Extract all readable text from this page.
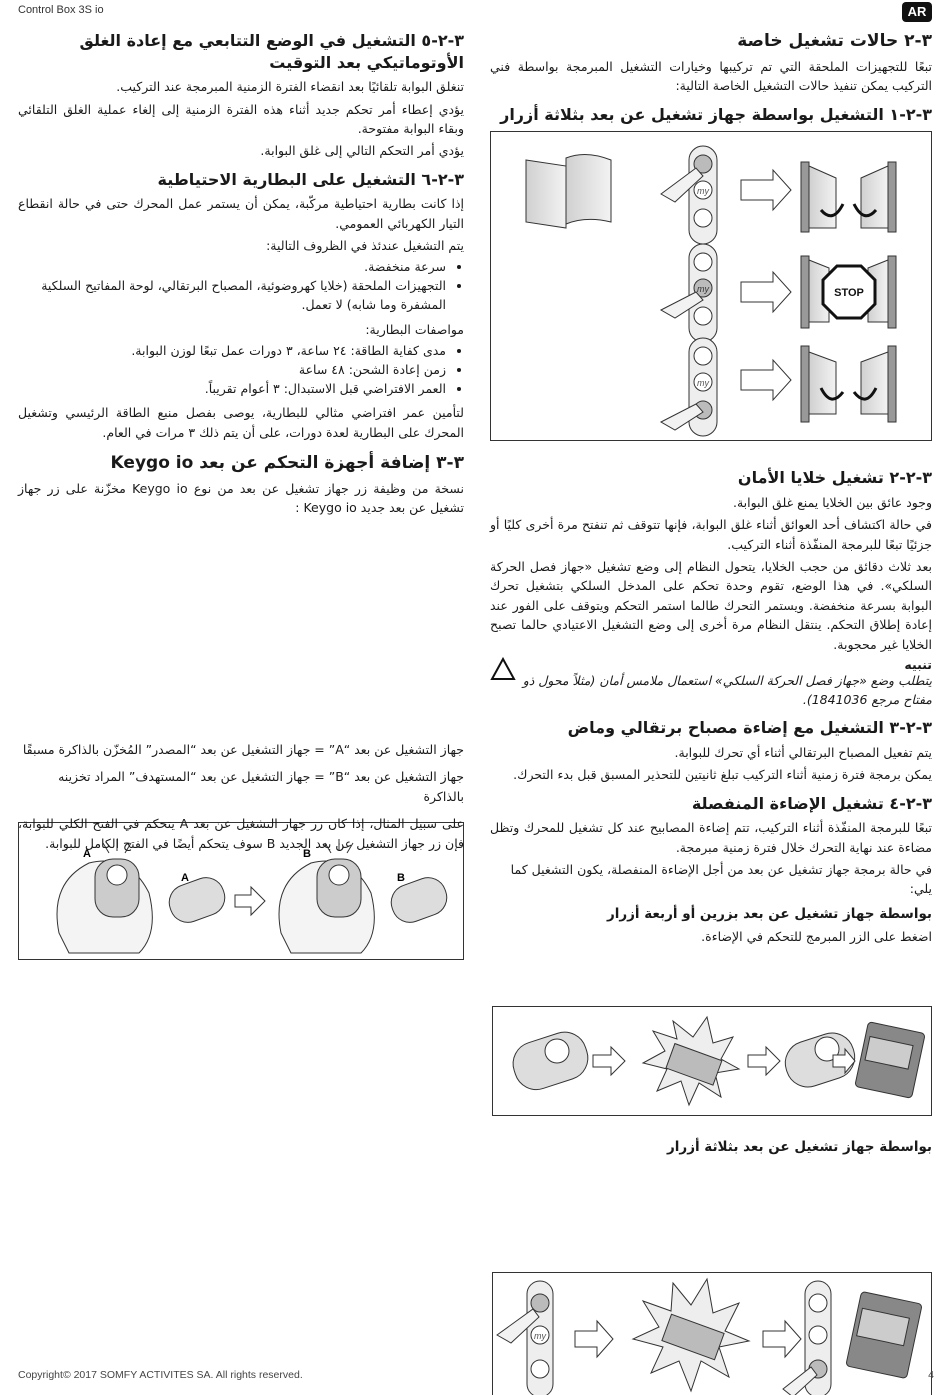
Control Box 3S io	AR
٣-٢ حالات تشغيل خاصة

تبعًا للتجهيزات الملحقة التي تم تركيبها وخيارات التشغيل المبرمجة بواسطة فني التركيب يمكن تنفيذ حالات التشغيل الخاصة التالية:

٣-٢-١ التشغيل بواسطة جهاز تشغيل عن بعد بثلاثة أزرار
my
my	STOP
my
٣-٢-٢ تشغيل خلايا الأمان

وجود عائق بين الخلايا يمنع غلق البوابة.

في حالة اكتشاف أحد العوائق أثناء غلق البوابة، فإنها تتوقف ثم تنفتح مرة أخرى كليًا أو جزئيًا تبعًا للبرمجة المنفّذة أثناء التركيب.

بعد ثلاث دقائق من حجب الخلايا، يتحول النظام إلى وضع تشغيل «جهاز فصل الحركة السلكي». في هذا الوضع، تقوم وحدة تحكم على المدخل السلكي بتشغيل تحرك البوابة بسرعة منخفضة. ويستمر التحرك طالما استمر التحكم ويتوقف على الفور عند إعادة إطلاق التحكم. ينتقل النظام مرة أخرى إلى وضع التشغيل الاعتيادي حالما تصبح الخلايا غير محجوبة.

تنبيه
يتطلب وضع «جهاز فصل الحركة السلكي» استعمال ملامس أمان (مثلاً محول ذو مفتاح مرجع 1841036).
٣-٢-٣ التشغيل مع إضاءة مصباح برتقالي وماض

يتم تفعيل المصباح البرتقالي أثناء أي تحرك للبوابة.

يمكن برمجة فترة زمنية أثناء التركيب تبلغ ثانيتين للتحذير المسبق قبل بدء التحرك.

٣-٢-٤ تشغيل الإضاءة المنفصلة

تبعًا للبرمجة المنفّذة أثناء التركيب، تتم إضاءة المصابيح عند كل تشغيل للمحرك وتظل مضاءة عند نهاية التحرك خلال فترة زمنية مبرمجة.

في حالة برمجة جهاز تشغيل عن بعد من أجل الإضاءة المنفصلة، يكون التشغيل كما يلي:

بواسطة جهاز تشغيل عن بعد بزرين أو أربعة أزرار

اضغط على الزر المبرمج للتحكم في الإضاءة.

بواسطة جهاز تشغيل عن بعد بثلاثة أزرار
my
٣-٢-٥ التشغيل في الوضع التتابعي مع إعادة الغلق الأوتوماتيكي بعد التوقيت

تنغلق البوابة تلقائيًا بعد انقضاء الفترة الزمنية المبرمجة عند التركيب.

يؤدي إعطاء أمر تحكم جديد أثناء هذه الفترة الزمنية إلى إلغاء عملية الغلق التلقائي وبقاء البوابة مفتوحة.

يؤدي أمر التحكم التالي إلى غلق البوابة.

٣-٢-٦ التشغيل على البطارية الاحتياطية

إذا كانت بطارية احتياطية مركّبة، يمكن أن يستمر عمل المحرك حتى في حالة انقطاع التيار الكهربائي العمومي.

يتم التشغيل عندئذ في الظروف التالية:

• سرعة منخفضة.
• التجهيزات الملحقة (خلايا كهروضوئية، المصباح البرتقالي، لوحة المفاتيح السلكية المشفرة وما شابه) لا تعمل.

مواصفات البطارية:

• مدى كفاية الطاقة: ٢٤ ساعة، ٣ دورات عمل تبعًا لوزن البوابة.
• زمن إعادة الشحن: ٤٨ ساعة
• العمر الافتراضي قبل الاستبدال: ٣ أعوام تقريباً.

لتأمين عمر افتراضي مثالي للبطارية، يوصى بفصل منبع الطاقة الرئيسي وتشغيل المحرك على البطارية لعدة دورات، على أن يتم ذلك ٣ مرات في العام.

٣-٣ إضافة أجهزة التحكم عن بعد Keygo io

نسخة من وظيفة زر جهاز تشغيل عن بعد من نوع Keygo io مخزّنة على زر جهاز تشغيل عن بعد جديد Keygo io :

A
A
B
B

جهاز التشغيل عن بعد “A” = جهاز التشغيل عن بعد “المصدر” المُخزّن بالذاكرة مسبقًا

جهاز التشغيل عن بعد “B” = جهاز التشغيل عن بعد “المستهدف” المراد تخزينه بالذاكرة

على سبيل المثال، إذا كان زر جهاز التشغيل عن بعد A يتحكم في الفتح الكلي للبوابة، فإن زر جهاز التشغيل عن بعد الجديد B سوف يتحكم أيضًا في الفتح الكامل للبوابة.

Copyright© 2017 SOMFY ACTIVITES SA. All rights reserved.	4
